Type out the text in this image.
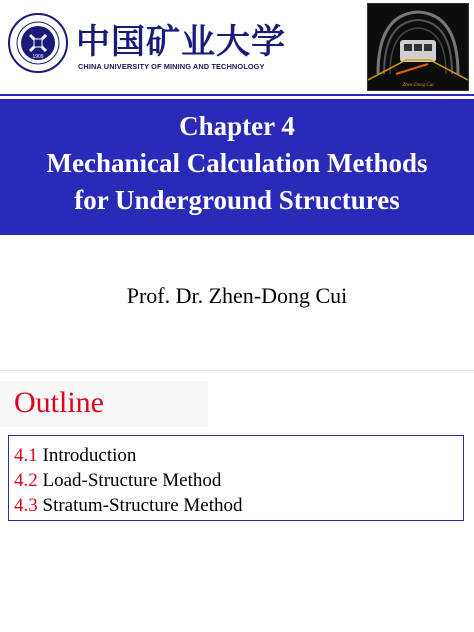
1909 中国矿业大学
CHINA UNIVERSITY OF MINING AND TECHNOLOGY
Zhen-Dong Cui
Chapter 4
Mechanical Calculation Methods
for Underground Structures
Prof. Dr. Zhen-Dong Cui
Outline
4.1 Introduction
4.2 Load-Structure Method
4.3 Stratum-Structure Method
